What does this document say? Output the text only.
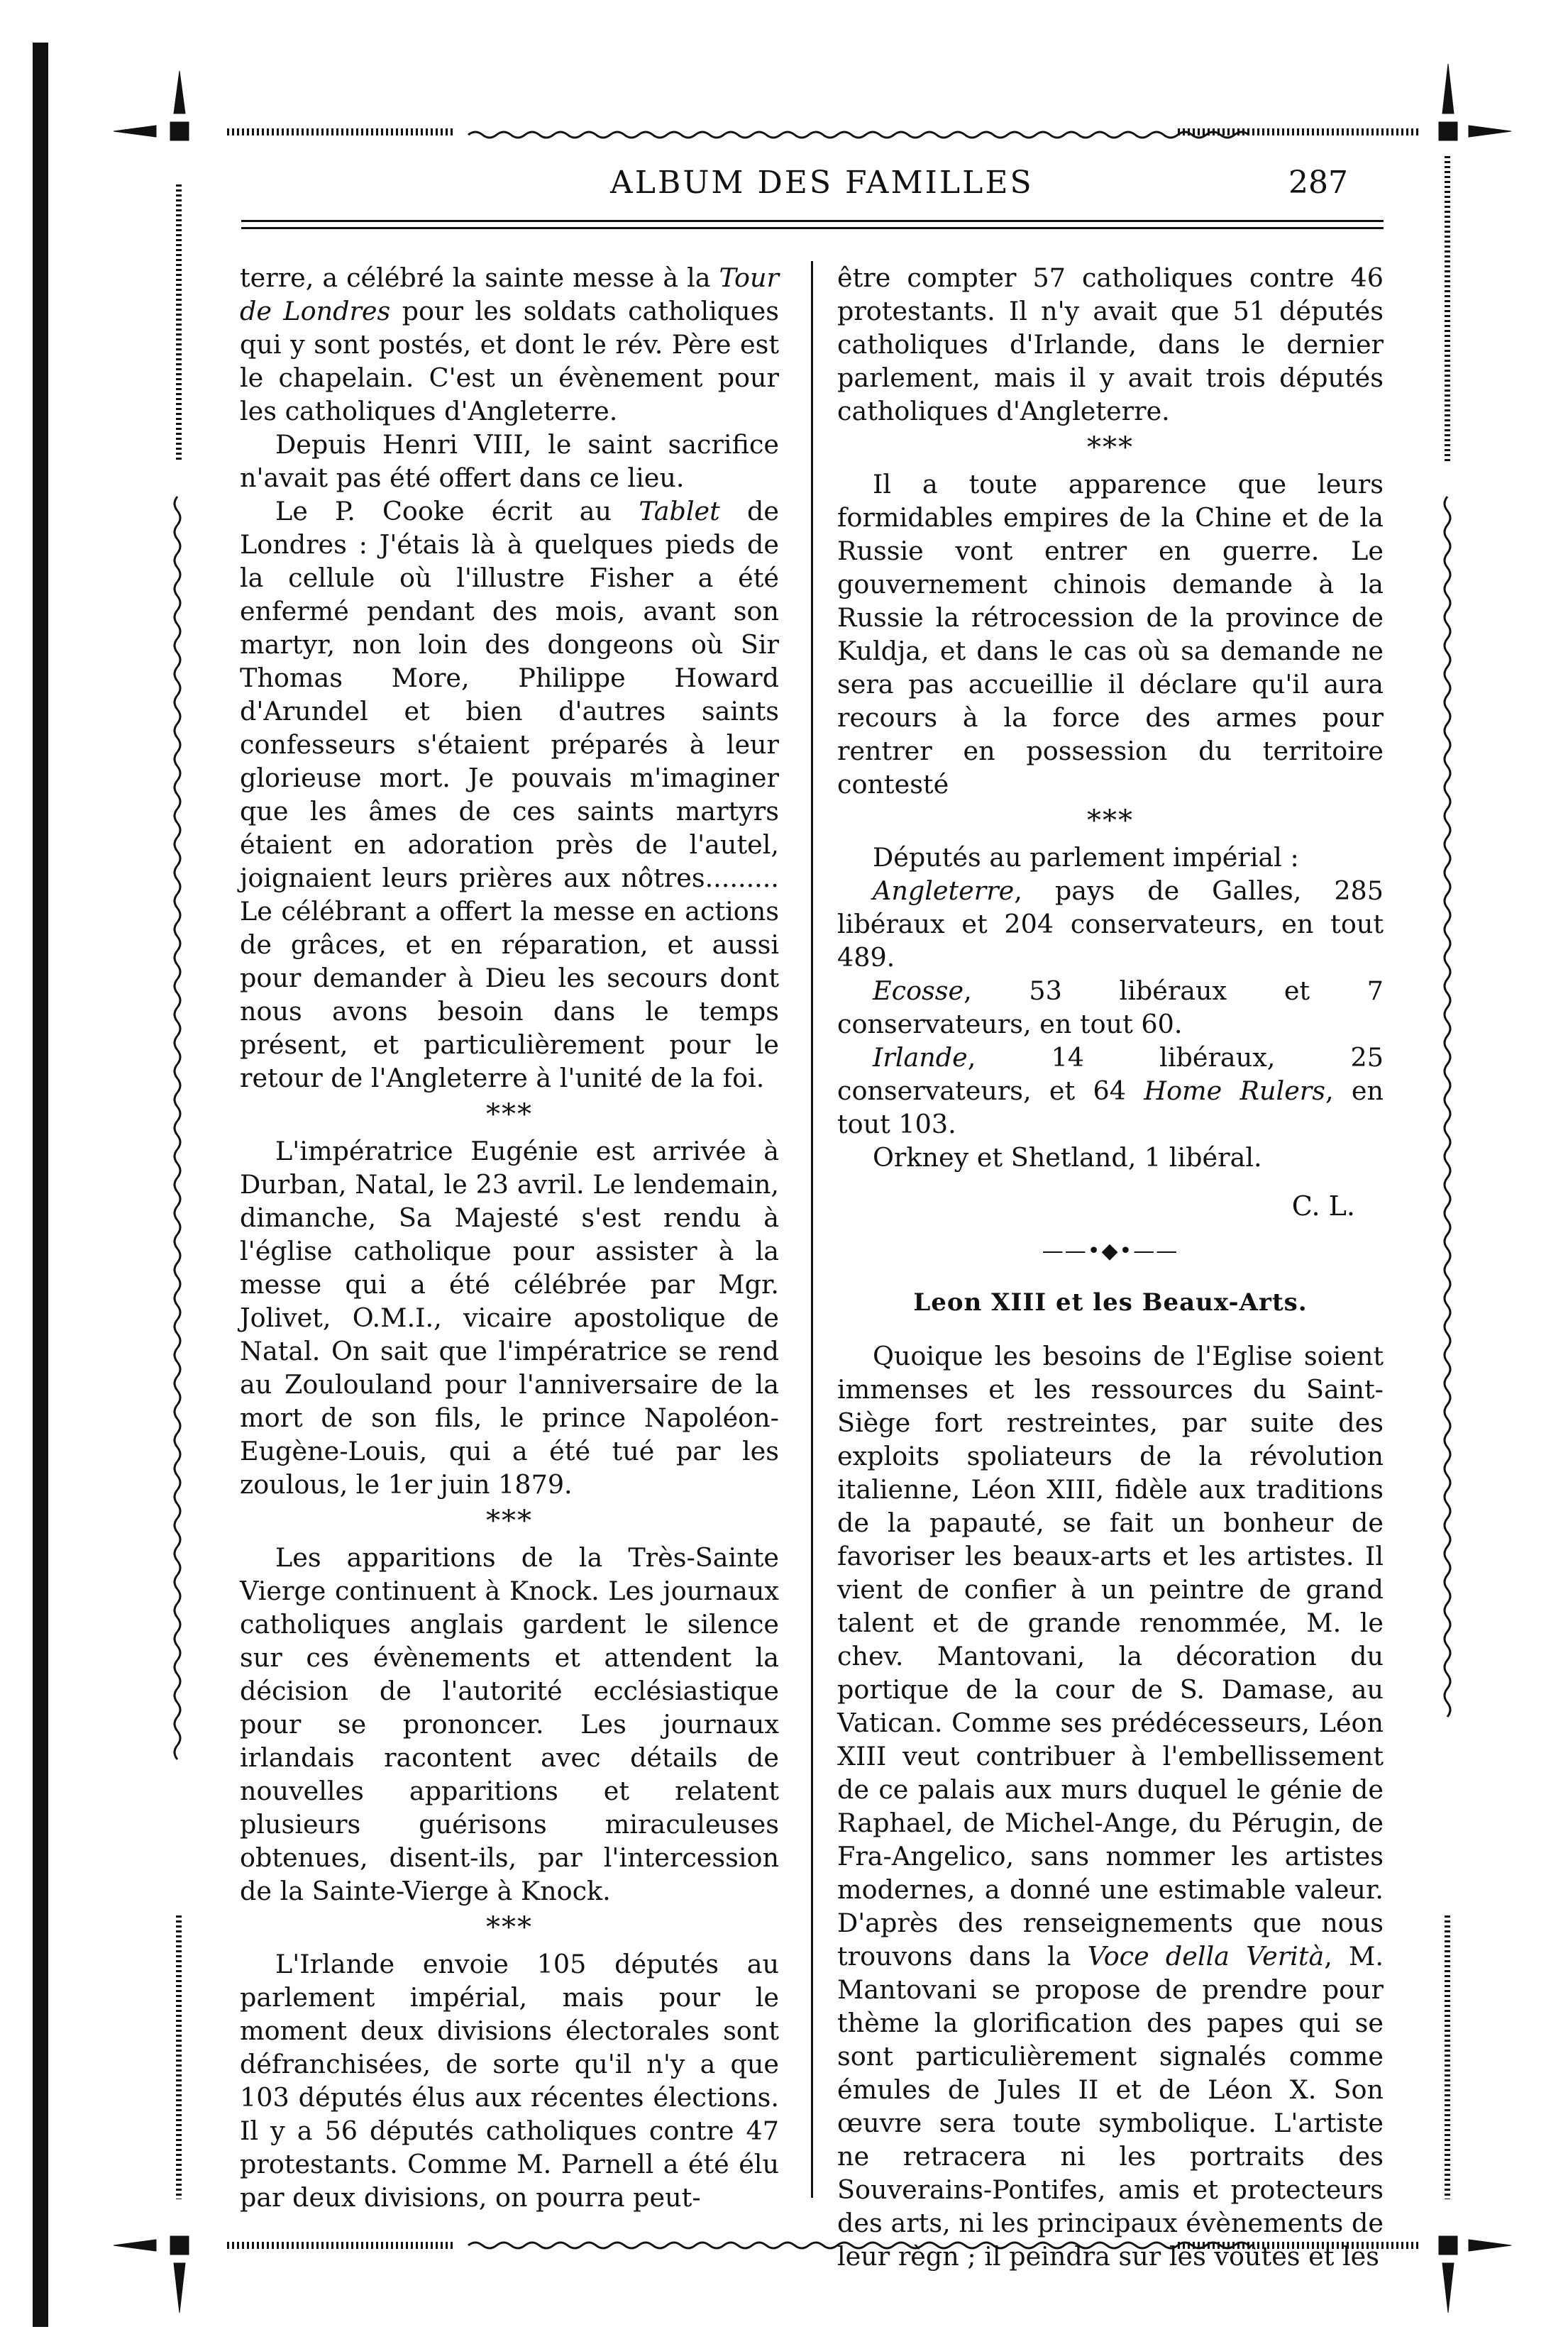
ALBUM DES FAMILLES	287

terre, a célébré la sainte messe à la Tour de Londres pour les soldats catholiques qui y sont postés, et dont le rév. Père est le chapelain. C'est un évènement pour les catholiques d'Angleterre.

Depuis Henri VIII, le saint sacrifice n'avait pas été offert dans ce lieu.

Le P. Cooke écrit au Tablet de Londres : J'étais là à quelques pieds de la cellule où l'illustre Fisher a été enfermé pendant des mois, avant son martyr, non loin des dongeons où Sir Thomas More, Philippe Howard d'Arundel et bien d'autres saints confesseurs s'étaient préparés à leur glorieuse mort. Je pouvais m'imaginer que les âmes de ces saints martyrs étaient en adoration près de l'autel, joignaient leurs prières aux nôtres......... Le célébrant a offert la messe en actions de grâces, et en réparation, et aussi pour demander à Dieu les secours dont nous avons besoin dans le temps présent, et particulièrement pour le retour de l'Angleterre à l'unité de la foi.

***

L'impératrice Eugénie est arrivée à Durban, Natal, le 23 avril. Le lendemain, dimanche, Sa Majesté s'est rendu à l'église catholique pour assister à la messe qui a été célébrée par Mgr. Jolivet, O.M.I., vicaire apostolique de Natal. On sait que l'impératrice se rend au Zoulouland pour l'anniversaire de la mort de son fils, le prince Napoléon-Eugène-Louis, qui a été tué par les zoulous, le 1er juin 1879.

***

Les apparitions de la Très-Sainte Vierge continuent à Knock. Les journaux catholiques anglais gardent le silence sur ces évènements et attendent la décision de l'autorité ecclésiastique pour se prononcer. Les journaux irlandais racontent avec détails de nouvelles apparitions et relatent plusieurs guérisons miraculeuses obtenues, disent-ils, par l'intercession de la Sainte-Vierge à Knock.

***

L'Irlande envoie 105 députés au parlement impérial, mais pour le moment deux divisions électorales sont défranchisées, de sorte qu'il n'y a que 103 députés élus aux récentes élections. Il y a 56 députés catholiques contre 47 protestants. Comme M. Parnell a été élu par deux divisions, on pourra peut-

être compter 57 catholiques contre 46 protestants. Il n'y avait que 51 députés catholiques d'Irlande, dans le dernier parlement, mais il y avait trois députés catholiques d'Angleterre.

***

Il a toute apparence que leurs formidables empires de la Chine et de la Russie vont entrer en guerre. Le gouvernement chinois demande à la Russie la rétrocession de la province de Kuldja, et dans le cas où sa demande ne sera pas accueillie il déclare qu'il aura recours à la force des armes pour rentrer en possession du territoire contesté

***

Députés au parlement impérial :

Angleterre, pays de Galles, 285 libéraux et 204 conservateurs, en tout 489.

Ecosse, 53 libéraux et 7 conservateurs, en tout 60.

Irlande, 14 libéraux, 25 conservateurs, et 64 Home Rulers, en tout 103.

Orkney et Shetland, 1 libéral.

C. L.
——•◆•——
Leon XIII et les Beaux-Arts.

Quoique les besoins de l'Eglise soient immenses et les ressources du Saint-Siège fort restreintes, par suite des exploits spoliateurs de la révolution italienne, Léon XIII, fidèle aux traditions de la papauté, se fait un bonheur de favoriser les beaux-arts et les artistes. Il vient de confier à un peintre de grand talent et de grande renommée, M. le chev. Mantovani, la décoration du portique de la cour de S. Damase, au Vatican. Comme ses prédécesseurs, Léon XIII veut contribuer à l'embellissement de ce palais aux murs duquel le génie de Raphael, de Michel-Ange, du Pérugin, de Fra-Angelico, sans nommer les artistes modernes, a donné une estimable valeur. D'après des renseignements que nous trouvons dans la Voce della Verità, M. Mantovani se propose de prendre pour thème la glorification des papes qui se sont particulièrement signalés comme émules de Jules II et de Léon X. Son œuvre sera toute symbolique. L'artiste ne retracera ni les portraits des Souverains-Pontifes, amis et protecteurs des arts, ni les principaux évènements de leur règn ; il peindra sur les voûtes et les
